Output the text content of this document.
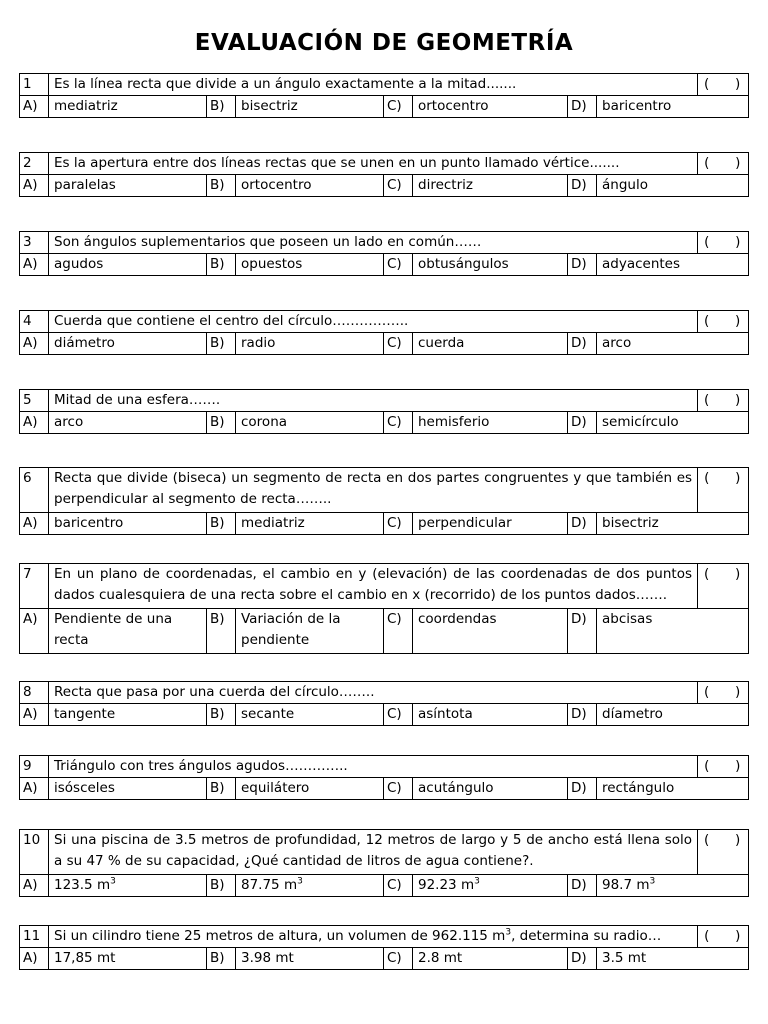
EVALUACIÓN DE GEOMETRÍA
1	Es la línea recta que divide a un ángulo exactamente a la mitad.......							(      )
A)	mediatriz	B)	bisectriz	C)	ortocentro	D)	baricentro	
2	Es la apertura entre dos líneas rectas que se unen en un punto llamado vértice.......							(      )
A)	paralelas	B)	ortocentro	C)	directriz	D)	ángulo	
3	Son ángulos suplementarios que poseen un lado en común……							(      )
A)	agudos	B)	opuestos	C)	obtusángulos	D)	adyacentes	
4	Cuerda que contiene el centro del círculo……………..							(      )
A)	diámetro	B)	radio	C)	cuerda	D)	arco	
5	Mitad de una esfera…….							(      )
A)	arco	B)	corona	C)	hemisferio	D)	semicírculo	
6	Recta que divide (biseca) un segmento de recta en dos partes congruentes y que también es perpendicular al segmento de recta……..							(      )
A)	baricentro	B)	mediatriz	C)	perpendicular	D)	bisectriz	
7	En un plano de coordenadas, el cambio en y (elevación) de las coordenadas de dos puntos dados cualesquiera de una recta sobre el cambio en x (recorrido) de los puntos dados…….							(      )
A)	Pendiente de una recta	B)	Variación de la pendiente	C)	coordendas	D)	abcisas	
8	Recta que pasa por una cuerda del círculo……..							(      )
A)	tangente	B)	secante	C)	asíntota	D)	díametro	
9	Triángulo con tres ángulos agudos…………..							(      )
A)	isósceles	B)	equilátero	C)	acutángulo	D)	rectángulo	
10	Si una piscina de 3.5 metros de profundidad, 12 metros de largo y 5 de ancho está llena solo a su 47 % de su capacidad, ¿Qué cantidad de litros de agua contiene?.							(      )
A)	123.5 $m^3$	B)	87.75 $m^3$	C)	92.23 $m^3$	D)	98.7 $m^3$
11	Si un cilindro tiene 25 metros de altura, un volumen de 962.115 $m^3$, determina su radio…							(      )
A)	17,85 mt	B)	3.98 mt	C)	2.8 mt	D)	3.5 mt	
